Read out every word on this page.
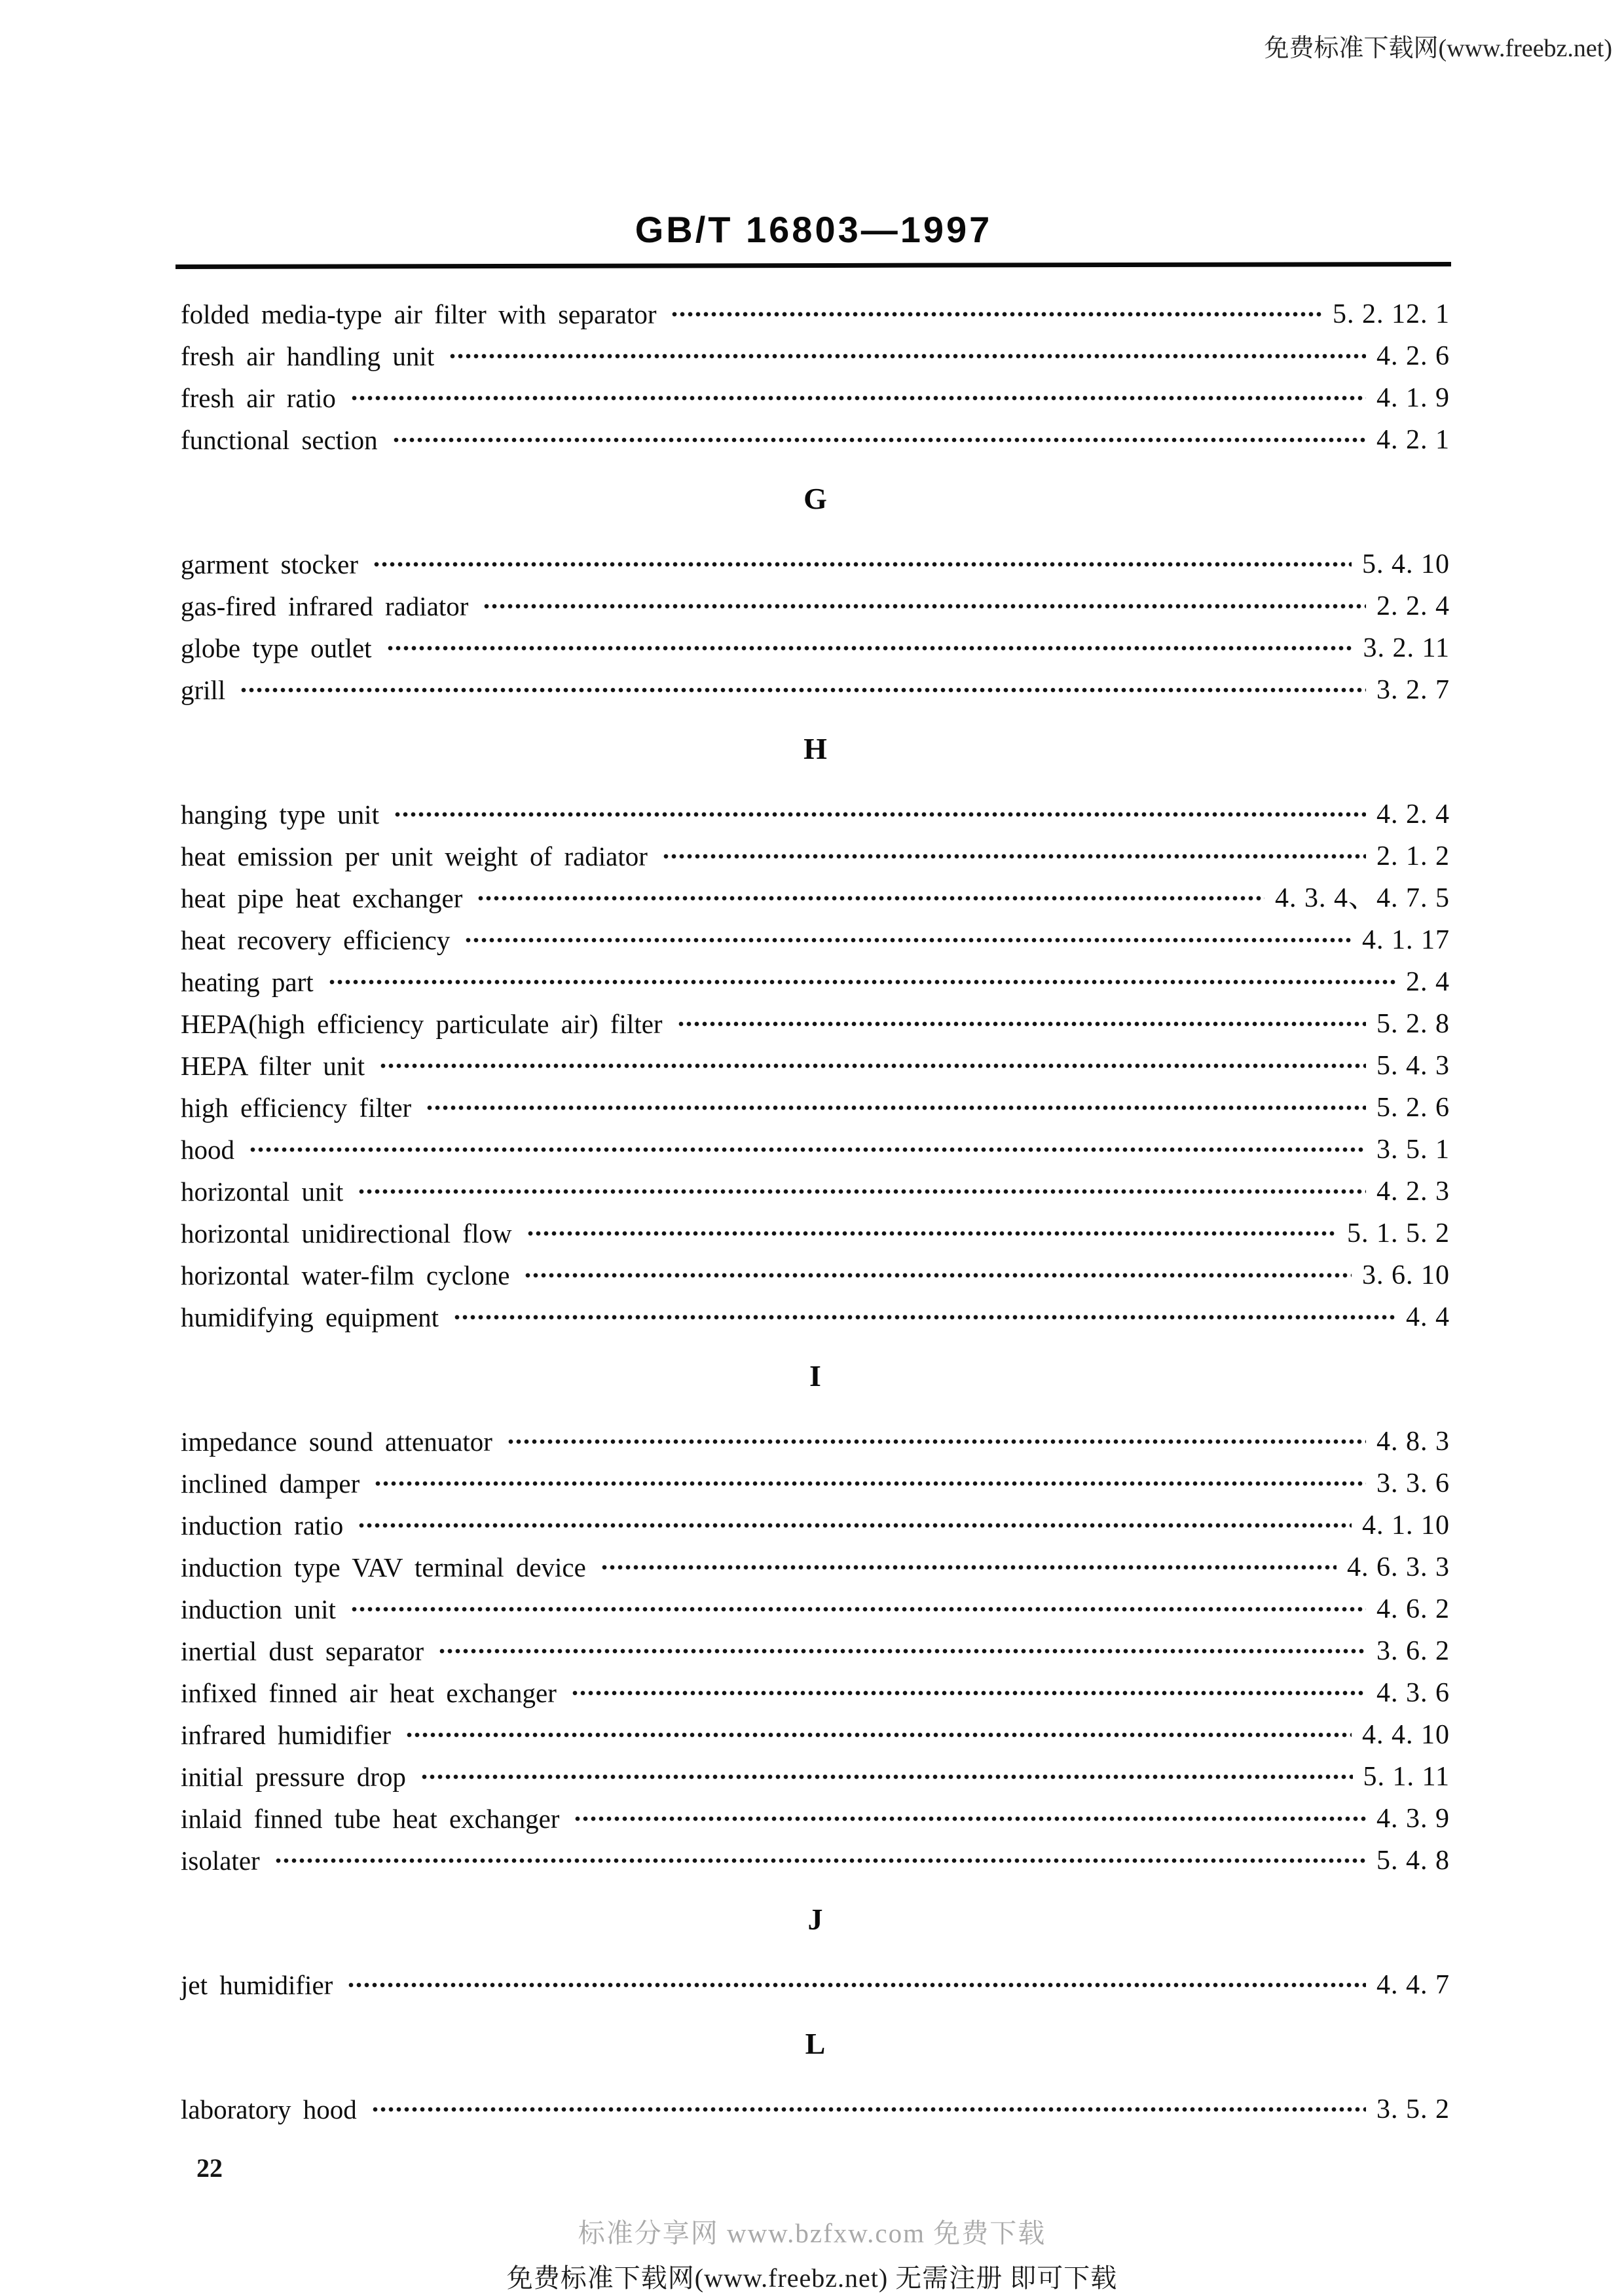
免费标准下载网(www.freebz.net)
GB/T 16803—1997
folded media-type air filter with separator	5. 2. 12. 1
fresh air handling unit	4. 2. 6
fresh air ratio	4. 1. 9
functional section	4. 2. 1
G
garment stocker	5. 4. 10
gas-fired infrared radiator	2. 2. 4
globe type outlet	3. 2. 11
grill	3. 2. 7
H
hanging type unit	4. 2. 4
heat emission per unit weight of radiator	2. 1. 2
heat pipe heat exchanger	4. 3. 4、4. 7. 5
heat recovery efficiency	4. 1. 17
heating part	2. 4
HEPA(high efficiency particulate air) filter	5. 2. 8
HEPA filter unit	5. 4. 3
high efficiency filter	5. 2. 6
hood	3. 5. 1
horizontal unit	4. 2. 3
horizontal unidirectional flow	5. 1. 5. 2
horizontal water-film cyclone	3. 6. 10
humidifying equipment	4. 4
I
impedance sound attenuator	4. 8. 3
inclined damper	3. 3. 6
induction ratio	4. 1. 10
induction type VAV terminal device	4. 6. 3. 3
induction unit	4. 6. 2
inertial dust separator	3. 6. 2
infixed finned air heat exchanger	4. 3. 6
infrared humidifier	4. 4. 10
initial pressure drop	5. 1. 11
inlaid finned tube heat exchanger	4. 3. 9
isolater	5. 4. 8
J
jet humidifier	4. 4. 7
L
laboratory hood	3. 5. 2
22
标准分享网 www.bzfxw.com 免费下载
免费标准下载网(www.freebz.net) 无需注册 即可下载
